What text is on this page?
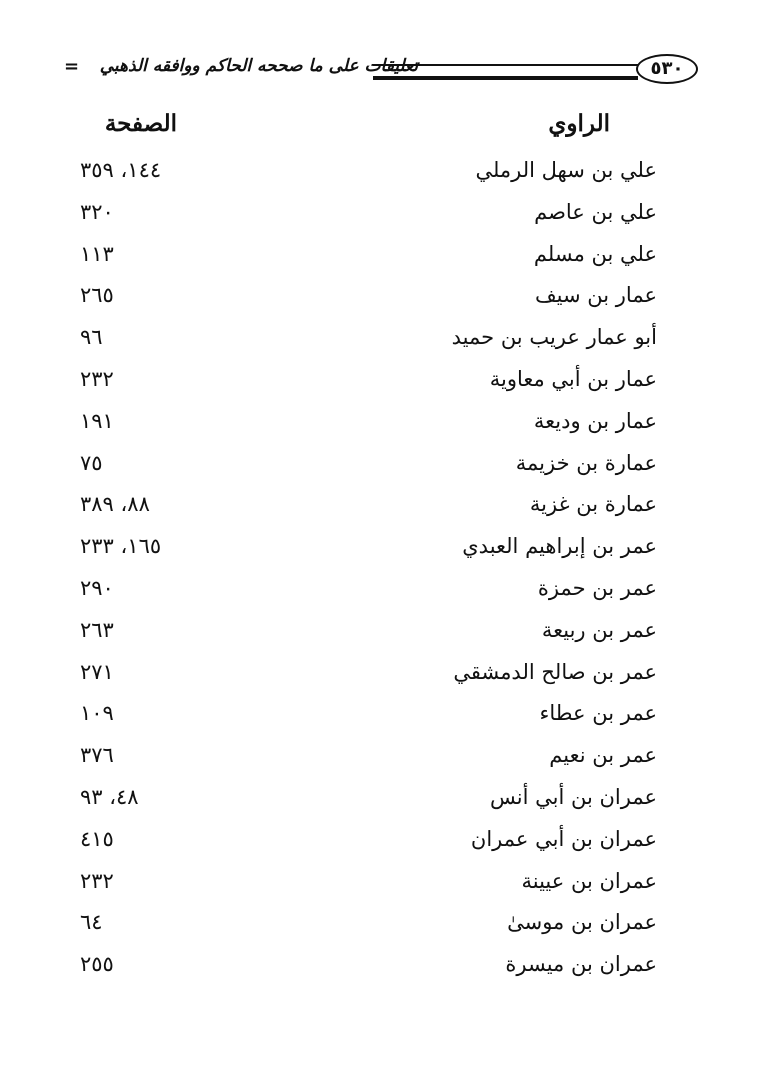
= تعليقات على ما صححه الحاكم ووافقه الذهبي	٥٣٠
الراوي
الصفحة
علي بن سهل الرملي
١٤٤، ٣٥٩
علي بن عاصم
٣٢٠
علي بن مسلم
١١٣
عمار بن سيف
٢٦٥
أبو عمار عريب بن حميد
٩٦
عمار بن أبي معاوية
٢٣٢
عمار بن وديعة
١٩١
عمارة بن خزيمة
٧٥
عمارة بن غزية
٨٨، ٣٨٩
عمر بن إبراهيم العبدي
١٦٥، ٢٣٣
عمر بن حمزة
٢٩٠
عمر بن ربيعة
٢٦٣
عمر بن صالح الدمشقي
٢٧١
عمر بن عطاء
١٠٩
عمر بن نعيم
٣٧٦
عمران بن أبي أنس
٤٨، ٩٣
عمران بن أبي عمران
٤١٥
عمران بن عيينة
٢٣٢
عمران بن موسىٰ
٦٤
عمران بن ميسرة
٢٥٥
